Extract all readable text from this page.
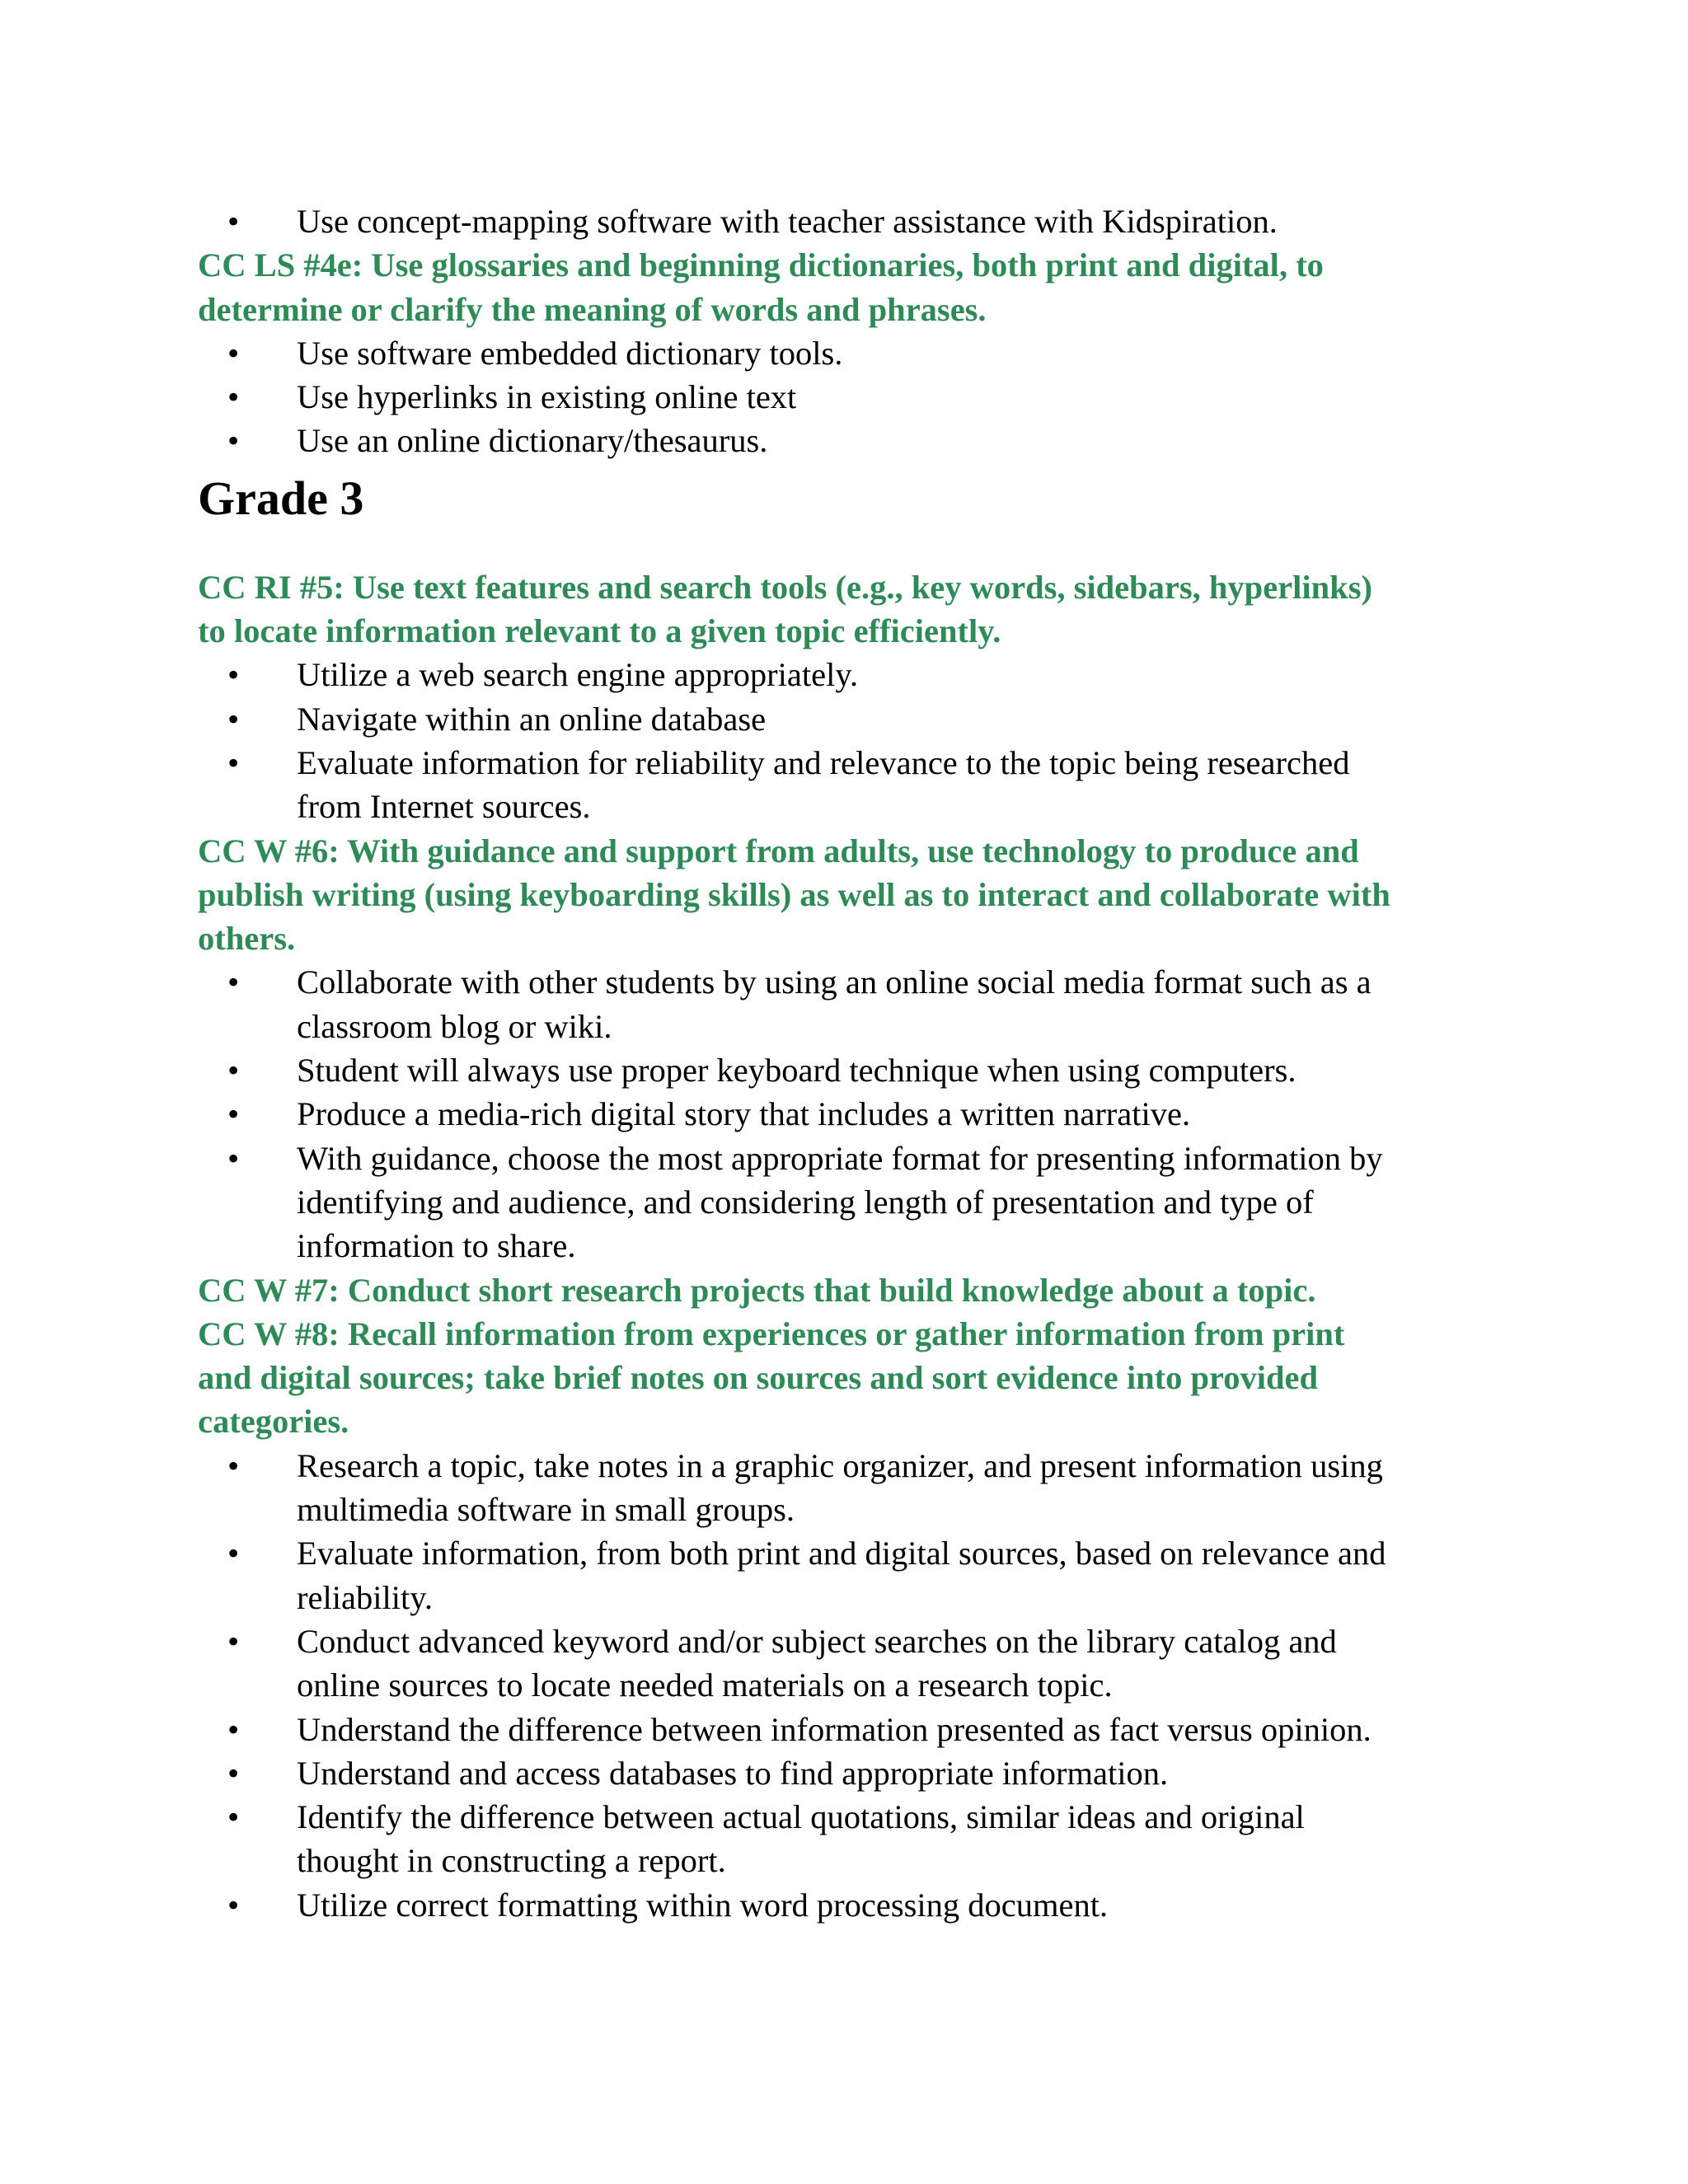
• Use concept-mapping software with teacher assistance with Kidspiration.
CC LS #4e: Use glossaries and beginning dictionaries, both print and digital, to
determine or clarify the meaning of words and phrases.
• Use software embedded dictionary tools.
• Use hyperlinks in existing online text
• Use an online dictionary/thesaurus.
Grade 3
CC RI #5: Use text features and search tools (e.g., key words, sidebars, hyperlinks)
to locate information relevant to a given topic efficiently.
• Utilize a web search engine appropriately.
• Navigate within an online database
• Evaluate information for reliability and relevance to the topic being researched
from Internet sources.
CC W #6: With guidance and support from adults, use technology to produce and
publish writing (using keyboarding skills) as well as to interact and collaborate with
others.
• Collaborate with other students by using an online social media format such as a
classroom blog or wiki.
• Student will always use proper keyboard technique when using computers.
• Produce a media-rich digital story that includes a written narrative.
• With guidance, choose the most appropriate format for presenting information by
identifying and audience, and considering length of presentation and type of
information to share.
CC W #7: Conduct short research projects that build knowledge about a topic.
CC W #8: Recall information from experiences or gather information from print
and digital sources; take brief notes on sources and sort evidence into provided
categories.
• Research a topic, take notes in a graphic organizer, and present information using
multimedia software in small groups.
• Evaluate information, from both print and digital sources, based on relevance and
reliability.
• Conduct advanced keyword and/or subject searches on the library catalog and
online sources to locate needed materials on a research topic.
• Understand the difference between information presented as fact versus opinion.
• Understand and access databases to find appropriate information.
• Identify the difference between actual quotations, similar ideas and original
thought in constructing a report.
• Utilize correct formatting within word processing document.
